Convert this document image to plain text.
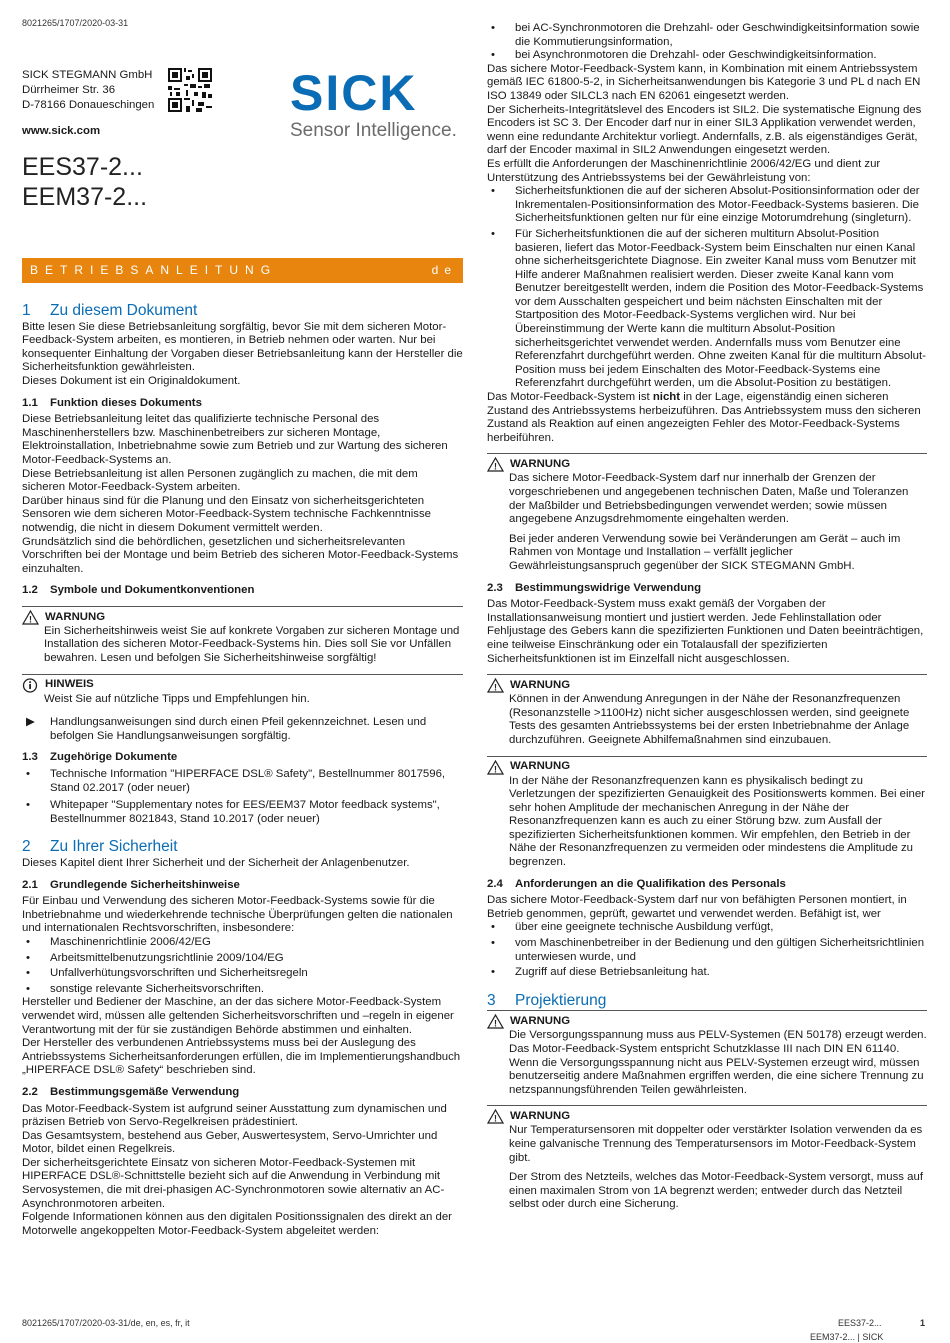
8021265/1707/2020-03-31
SICK STEGMANN GmbH
Dürrheimer Str. 36
D-78166 Donaueschingen	SICK
Sensor Intelligence.
www.sick.com
EES37-2...
EEM37-2...
BETRIEBSANLEITUNG	de

1 Zu diesem Dokument

Bitte lesen Sie diese Betriebsanleitung sorgfältig, bevor Sie mit dem sicheren Motor-Feedback-System arbeiten, es montieren, in Betrieb nehmen oder warten. Nur bei konsequenter Einhaltung der Vorgaben dieser Betriebsanleitung kann der Hersteller die Sicherheitsfunktion gewährleisten.

Dieses Dokument ist ein Originaldokument.

1.1 Funktion dieses Dokuments

Diese Betriebsanleitung leitet das qualifizierte technische Personal des Maschinenherstellers bzw. Maschinenbetreibers zur sicheren Montage, Elektroinstallation, Inbetriebnahme sowie zum Betrieb und zur Wartung des sicheren Motor-Feedback-Systems an.

Diese Betriebsanleitung ist allen Personen zugänglich zu machen, die mit dem sicheren Motor-Feedback-System arbeiten.

Darüber hinaus sind für die Planung und den Einsatz von sicherheitsgerichteten Sensoren wie dem sicheren Motor-Feedback-System technische Fachkenntnisse notwendig, die nicht in diesem Dokument vermittelt werden.

Grundsätzlich sind die behördlichen, gesetzlichen und sicherheitsrelevanten Vorschriften bei der Montage und beim Betrieb des sicheren Motor-Feedback-Systems einzuhalten.

1.2 Symbole und Dokumentkonventionen

WARNUNG

Ein Sicherheitshinweis weist Sie auf konkrete Vorgaben zur sicheren Montage und Installation des sicheren Motor-Feedback-Systems hin. Dies soll Sie vor Unfällen bewahren. Lesen und befolgen Sie Sicherheitshinweise sorgfältig!

HINWEIS

Weist Sie auf nützliche Tipps und Empfehlungen hin.

▶	Handlungsanweisungen sind durch einen Pfeil gekennzeichnet. Lesen und befolgen Sie Handlungsanweisungen sorgfältig.

1.3 Zugehörige Dokumente

•	Technische Information "HIPERFACE DSL® Safety", Bestellnummer 8017596, Stand 02.2017 (oder neuer)
•	Whitepaper "Supplementary notes for EES/EEM37 Motor feedback systems", Bestellnummer 8021843, Stand 10.2017 (oder neuer)

2 Zu Ihrer Sicherheit

Dieses Kapitel dient Ihrer Sicherheit und der Sicherheit der Anlagenbenutzer.

2.1 Grundlegende Sicherheitshinweise

Für Einbau und Verwendung des sicheren Motor-Feedback-Systems sowie für die Inbetriebnahme und wiederkehrende technische Überprüfungen gelten die nationalen und internationalen Rechtsvorschriften, insbesondere:

•	Maschinenrichtlinie 2006/42/EG
•	Arbeitsmittelbenutzungsrichtlinie 2009/104/EG
•	Unfallverhütungsvorschriften und Sicherheitsregeln
•	sonstige relevante Sicherheitsvorschriften.

Hersteller und Bediener der Maschine, an der das sichere Motor-Feedback-System verwendet wird, müssen alle geltenden Sicherheitsvorschriften und –regeln in eigener Verantwortung mit der für sie zuständigen Behörde abstimmen und einhalten.

Der Hersteller des verbundenen Antriebssystems muss bei der Auslegung des Antriebssystems Sicherheitsanforderungen erfüllen, die im Implementierungshandbuch „HIPERFACE DSL® Safety“ beschrieben sind.

2.2 Bestimmungsgemäße Verwendung

Das Motor-Feedback-System ist aufgrund seiner Ausstattung zum dynamischen und präzisen Betrieb von Servo-Regelkreisen prädestiniert.

Das Gesamtsystem, bestehend aus Geber, Auswertesystem, Servo-Umrichter und Motor, bildet einen Regelkreis.

Der sicherheitsgerichtete Einsatz von sicheren Motor-Feedback-Systemen mit HIPERFACE DSL®-Schnittstelle bezieht sich auf die Anwendung in Verbindung mit Servosystemen, die mit drei-phasigen AC-Synchronmotoren sowie alternativ an AC-Asynchronmotoren arbeiten.

Folgende Informationen können aus den digitalen Positionssignalen des direkt an der Motorwelle angekoppelten Motor-Feedback-System abgeleitet werden:

•	bei AC-Synchronmotoren die Drehzahl- oder Geschwindigkeitsinformation sowie die Kommutierungsinformation,
•	bei Asynchronmotoren die Drehzahl- oder Geschwindigkeitsinformation.

Das sichere Motor-Feedback-System kann, in Kombination mit einem Antriebssystem gemäß IEC 61800-5-2, in Sicherheitsanwendungen bis Kategorie 3 und PL d nach EN ISO 13849 oder SILCL3 nach EN 62061 eingesetzt werden.

Der Sicherheits-Integritätslevel des Encoders ist SIL2. Die systematische Eignung des Encoders ist SC 3. Der Encoder darf nur in einer SIL3 Applikation verwendet werden, wenn eine redundante Architektur vorliegt. Andernfalls, z.B. als eigenständiges Gerät, darf der Encoder maximal in SIL2 Anwendungen eingesetzt werden.

Es erfüllt die Anforderungen der Maschinenrichtlinie 2006/42/EG und dient zur Unterstützung des Antriebssystems bei der Gewährleistung von:

•	Sicherheitsfunktionen die auf der sicheren Absolut-Positionsinformation oder der Inkrementalen-Positionsinformation des Motor-Feedback-Systems basieren. Die Sicherheitsfunktionen gelten nur für eine einzige Motorumdrehung (singleturn).
•	Für Sicherheitsfunktionen die auf der sicheren multiturn Absolut-Position basieren, liefert das Motor-Feedback-System beim Einschalten nur einen Kanal ohne sicherheitsgerichtete Diagnose. Ein zweiter Kanal muss vom Benutzer mit Hilfe anderer Maßnahmen realisiert werden. Dieser zweite Kanal kann vom Benutzer bereitgestellt werden, indem die Position des Motor-Feedback-Systems vor dem Ausschalten gespeichert und beim nächsten Einschalten mit der Startposition des Motor-Feedback-Systems verglichen wird. Nur bei Übereinstimmung der Werte kann die multiturn Absolut-Position sicherheitsgerichtet verwendet werden. Andernfalls muss vom Benutzer eine Referenzfahrt durchgeführt werden. Ohne zweiten Kanal für die multiturn Absolut-Position muss bei jedem Einschalten des Motor-Feedback-Systems eine Referenzfahrt durchgeführt werden, um die Absolut-Position zu bestätigen.

Das Motor-Feedback-System ist nicht in der Lage, eigenständig einen sicheren Zustand des Antriebssystems herbeizuführen. Das Antriebssystem muss den sicheren Zustand als Reaktion auf einen angezeigten Fehler des Motor-Feedback-Systems herbeiführen.

WARNUNG

Das sichere Motor-Feedback-System darf nur innerhalb der Grenzen der vorgeschriebenen und angegebenen technischen Daten, Maße und Toleranzen der Maßbilder und Betriebsbedingungen verwendet werden; sowie müssen angegebene Anzugsdrehmomente eingehalten werden.

Bei jeder anderen Verwendung sowie bei Veränderungen am Gerät – auch im Rahmen von Montage und Installation – verfällt jeglicher Gewährleistungsanspruch gegenüber der SICK STEGMANN GmbH.

2.3 Bestimmungswidrige Verwendung

Das Motor-Feedback-System muss exakt gemäß der Vorgaben der Installationsanweisung montiert und justiert werden. Jede Fehlinstallation oder Fehljustage des Gebers kann die spezifizierten Funktionen und Daten beeinträchtigen, eine teilweise Einschränkung oder ein Totalausfall der spezifizierten Sicherheitsfunktionen ist im Einzelfall nicht ausgeschlossen.

WARNUNG

Können in der Anwendung Anregungen in der Nähe der Resonanzfrequenzen (Resonanzstelle >1100Hz) nicht sicher ausgeschlossen werden, sind geeignete Tests des gesamten Antriebssystems bei der ersten Inbetriebnahme der Anlage durchzuführen. Geeignete Abhilfemaßnahmen sind einzubauen.

WARNUNG

In der Nähe der Resonanzfrequenzen kann es physikalisch bedingt zu Verletzungen der spezifizierten Genauigkeit des Positionswerts kommen. Bei einer sehr hohen Amplitude der mechanischen Anregung in der Nähe der Resonanzfrequenzen kann es auch zu einer Störung bzw. zum Ausfall der spezifizierten Sicherheitsfunktionen kommen. Wir empfehlen, den Betrieb in der Nähe der Resonanzfrequenzen zu vermeiden oder mindestens die Amplitude zu begrenzen.

2.4 Anforderungen an die Qualifikation des Personals

Das sichere Motor-Feedback-System darf nur von befähigten Personen montiert, in Betrieb genommen, geprüft, gewartet und verwendet werden. Befähigt ist, wer

•	über eine geeignete technische Ausbildung verfügt,
•	vom Maschinenbetreiber in der Bedienung und den gültigen Sicherheitsrichtlinien unterwiesen wurde, und
•	Zugriff auf diese Betriebsanleitung hat.

3 Projektierung

WARNUNG

Die Versorgungsspannung muss aus PELV-Systemen (EN 50178) erzeugt werden. Das Motor-Feedback-System entspricht Schutzklasse III nach DIN EN 61140. Wenn die Versorgungsspannung nicht aus PELV-Systemen erzeugt wird, müssen benutzerseitig andere Maßnahmen ergriffen werden, die eine sichere Trennung zu netzspannungsführenden Teilen gewährleisten.

WARNUNG

Nur Temperatursensoren mit doppelter oder verstärkter Isolation verwenden da es keine galvanische Trennung des Temperatursensors im Motor-Feedback-System gibt.

Der Strom des Netzteils, welches das Motor-Feedback-System versorgt, muss auf einen maximalen Strom von 1A begrenzt werden; entweder durch das Netzteil selbst oder durch eine Sicherung.

8021265/1707/2020-03-31/de, en, es, fr, it	EES37-2...
EEM37-2... | SICK
1
